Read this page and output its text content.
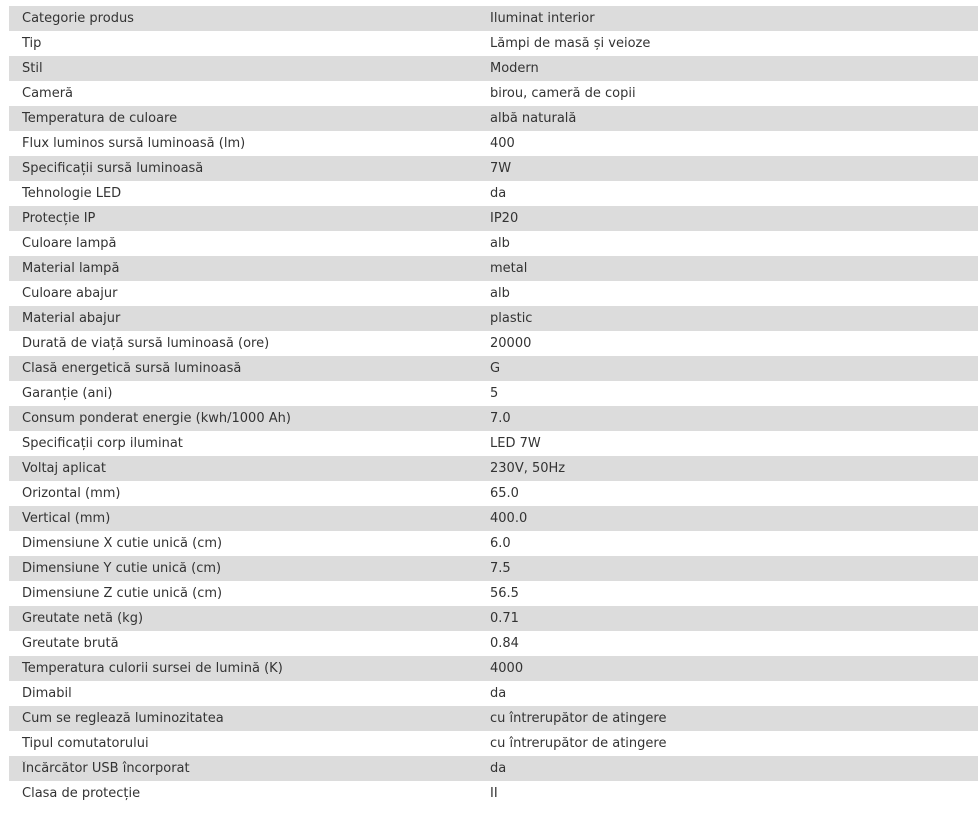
Categorie produs	Iluminat interior
Tip	Lămpi de masă și veioze
Stil	Modern
Cameră	birou, cameră de copii
Temperatura de culoare	albă naturală
Flux luminos sursă luminoasă (lm)	400
Specificații sursă luminoasă	7W
Tehnologie LED	da
Protecție IP	IP20
Culoare lampă	alb
Material lampă	metal
Culoare abajur	alb
Material abajur	plastic
Durată de viață sursă luminoasă (ore)	20000
Clasă energetică sursă luminoasă	G
Garanție (ani)	5
Consum ponderat energie (kwh/1000 Ah)	7.0
Specificații corp iluminat	LED 7W
Voltaj aplicat	230V, 50Hz
Orizontal (mm)	65.0
Vertical (mm)	400.0
Dimensiune X cutie unică (cm)	6.0
Dimensiune Y cutie unică (cm)	7.5
Dimensiune Z cutie unică (cm)	56.5
Greutate netă (kg)	0.71
Greutate brută	0.84
Temperatura culorii sursei de lumină (K)	4000
Dimabil	da
Cum se reglează luminozitatea	cu întrerupător de atingere
Tipul comutatorului	cu întrerupător de atingere
Încărcător USB încorporat	da
Clasa de protecție	II
